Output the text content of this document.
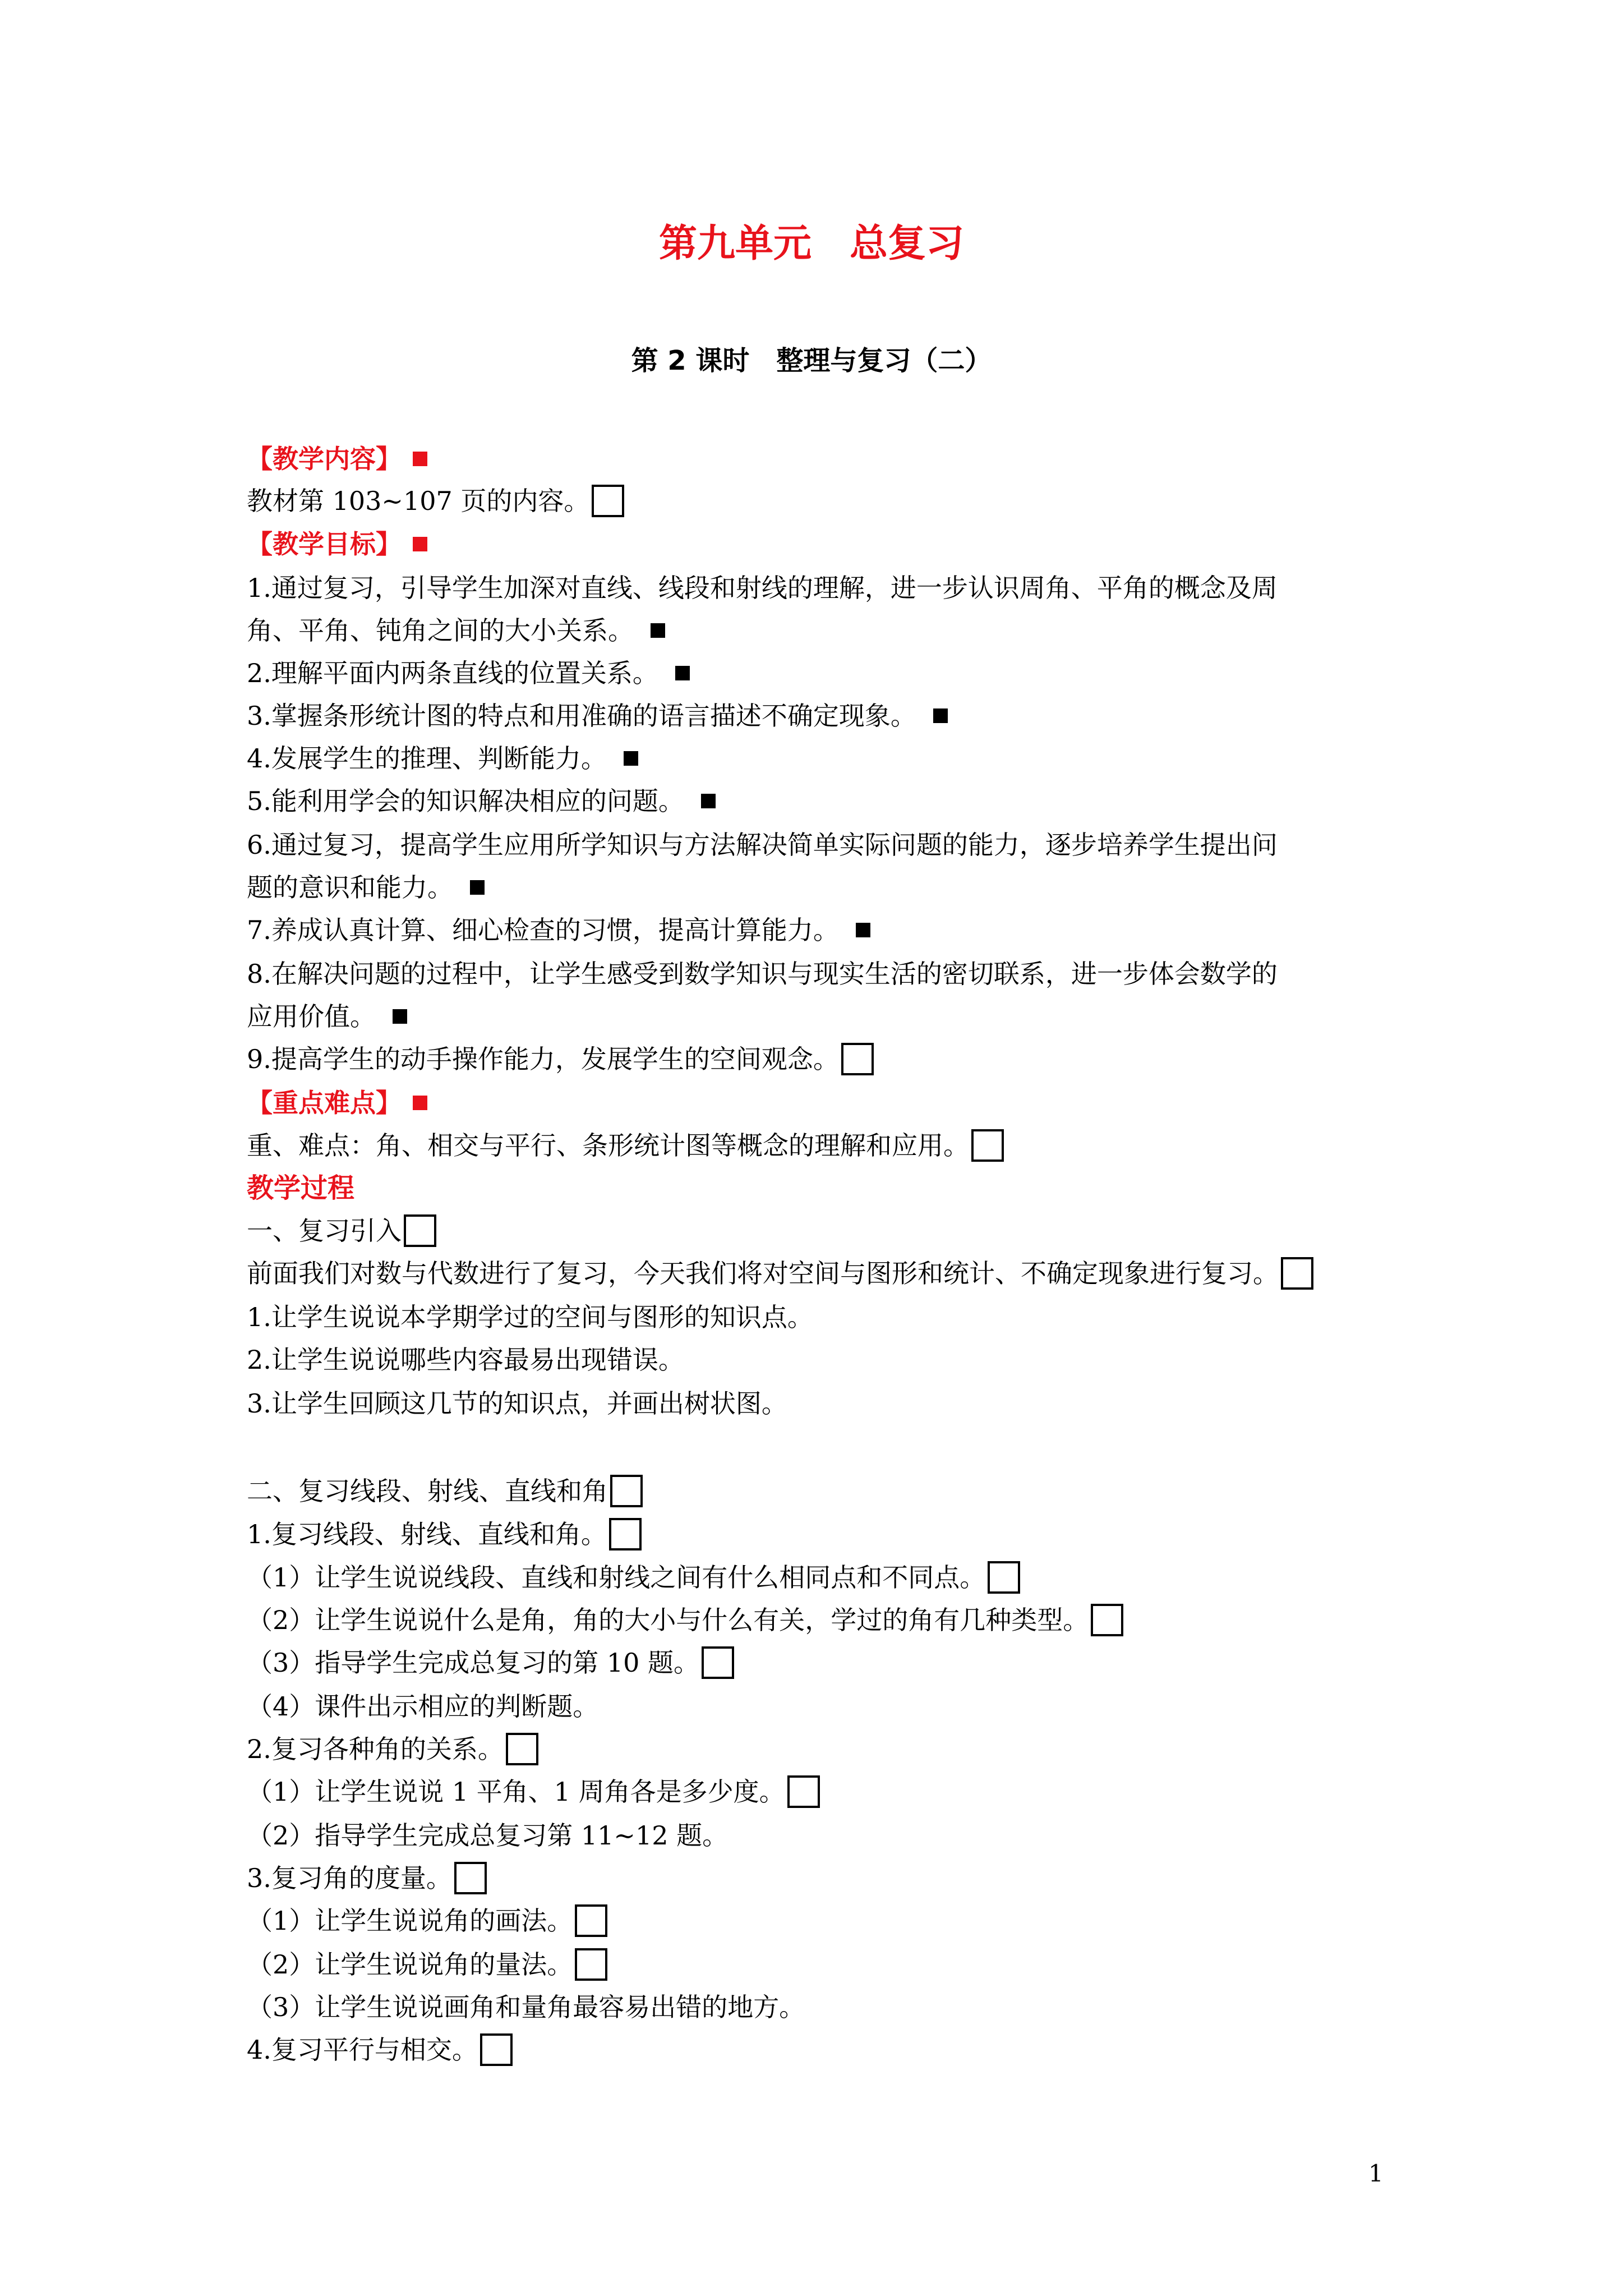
第九单元　总复习
第 2 课时　整理与复习（二）
【教学内容】
教材第 103~107 页的内容。
【教学目标】
1.通过复习，引导学生加深对直线、线段和射线的理解，进一步认识周角、平角的概念及周
角、平角、钝角之间的大小关系。
2.理解平面内两条直线的位置关系。
3.掌握条形统计图的特点和用准确的语言描述不确定现象。
4.发展学生的推理、判断能力。
5.能利用学会的知识解决相应的问题。
6.通过复习，提高学生应用所学知识与方法解决简单实际问题的能力，逐步培养学生提出问
题的意识和能力。
7.养成认真计算、细心检查的习惯，提高计算能力。
8.在解决问题的过程中，让学生感受到数学知识与现实生活的密切联系，进一步体会数学的
应用价值。
9.提高学生的动手操作能力，发展学生的空间观念。
【重点难点】
重、难点：角、相交与平行、条形统计图等概念的理解和应用。
教学过程
一、复习引入
前面我们对数与代数进行了复习，今天我们将对空间与图形和统计、不确定现象进行复习。
1.让学生说说本学期学过的空间与图形的知识点。
2.让学生说说哪些内容最易出现错误。
3.让学生回顾这几节的知识点，并画出树状图。
二、复习线段、射线、直线和角
1.复习线段、射线、直线和角。
（1）让学生说说线段、直线和射线之间有什么相同点和不同点。
（2）让学生说说什么是角，角的大小与什么有关，学过的角有几种类型。
（3）指导学生完成总复习的第 10 题。
（4）课件出示相应的判断题。
2.复习各种角的关系。
（1）让学生说说 1 平角、1 周角各是多少度。
（2）指导学生完成总复习第 11~12 题。
3.复习角的度量。
（1）让学生说说角的画法。
（2）让学生说说角的量法。
（3）让学生说说画角和量角最容易出错的地方。
4.复习平行与相交。
1
